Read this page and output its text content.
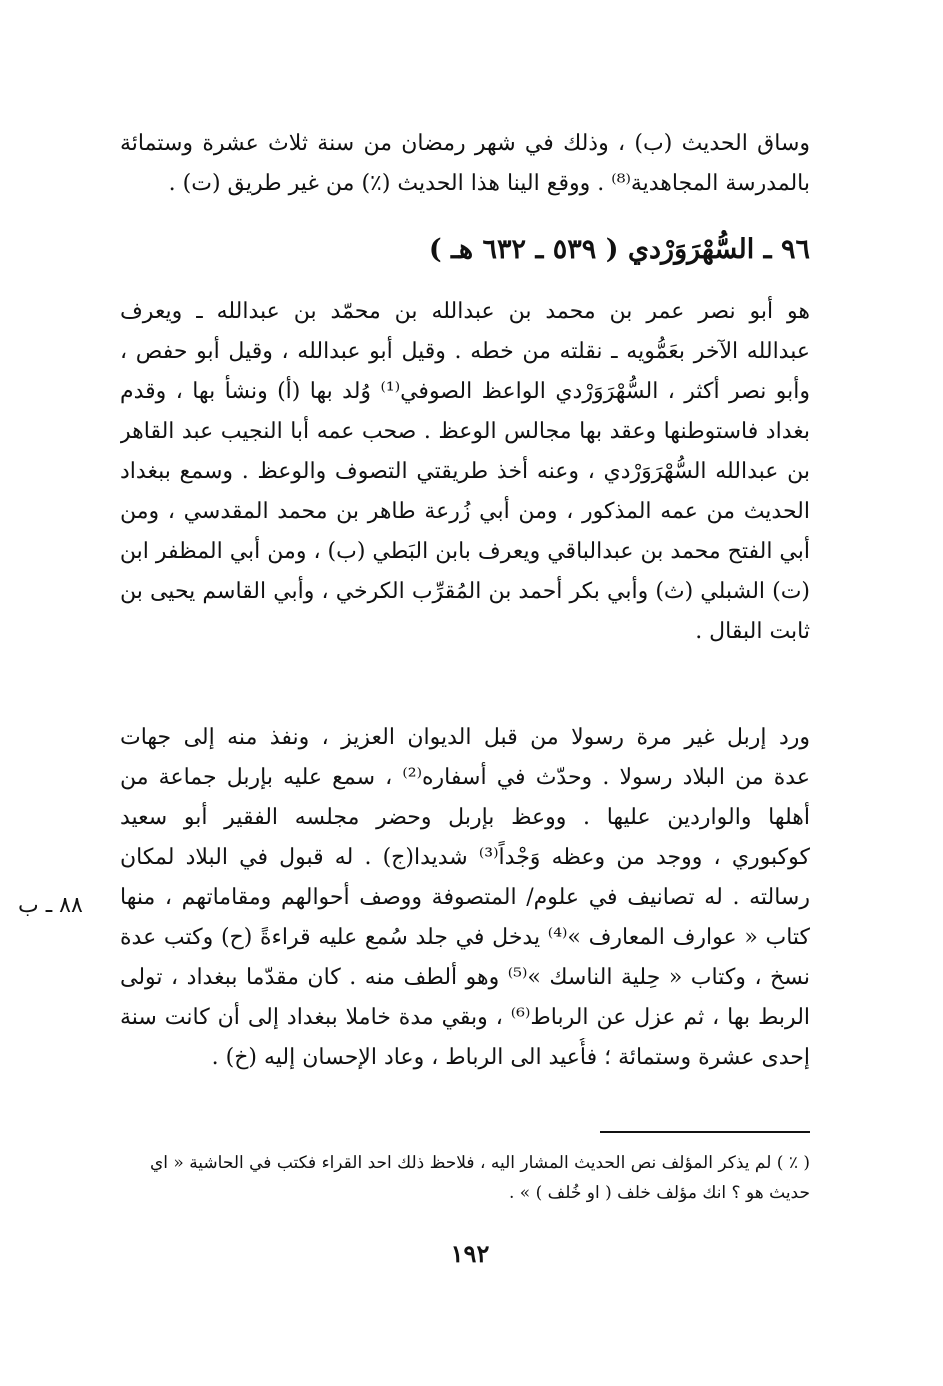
وساق الحديث (ب) ، وذلك في شهر رمضان من سنة ثلاث عشرة وستمائة
بالمدرسة المجاهدية⁽⁸⁾ . ووقع الينا هذا الحديث (٪) من غير طريق (ت) .
٩٦ ـ السُّهْرَوَرْدي ( ٥٣٩ ـ ٦٣٢ هـ )
هو أبو نصر عمر بن محمد بن عبدالله بن محمّد بن عبدالله ـ ويعرف
عبدالله الآخر بعَمُّويه ـ نقلته من خطه . وقيل أبو عبدالله ، وقيل أبو حفص ،
وأبو نصر أكثر ، السُّهْرَوَرْدي الواعظ الصوفي⁽¹⁾ وُلد بها (أ) ونشأ بها ، وقدم
بغداد فاستوطنها وعقد بها مجالس الوعظ . صحب عمه أبا النجيب عبد القاهر
بن عبدالله السُّهْرَوَرْدي ، وعنه أخذ طريقتي التصوف والوعظ . وسمع ببغداد
الحديث من عمه المذكور ، ومن أبي زُرعة طاهر بن محمد المقدسي ، ومن
أبي الفتح محمد بن عبدالباقي ويعرف بابن البَطي (ب) ، ومن أبي المظفر ابن
(ت) الشبلي (ث) وأبي بكر أحمد بن المُقرِّب الكرخي ، وأبي القاسم يحيى بن
ثابت البقال .
ورد إربل غير مرة رسولا من قبل الديوان العزيز ، ونفذ منه إلى جهات
عدة من البلاد رسولا . وحدّث في أسفاره⁽²⁾ ، سمع عليه بإربل جماعة من
أهلها والواردين عليها . ووعظ بإربل وحضر مجلسه الفقير أبو سعيد
كوكبوري ، ووجد من وعظه وَجْداً⁽³⁾ شديدا(ج) . له قبول في البلاد لمكان
رسالته . له تصانيف في علوم/ المتصوفة ووصف أحوالهم ومقاماتهم ، منها
كتاب « عوارف المعارف »⁽⁴⁾ يدخل في جلد سُمع عليه قراءةً (ح) وكتب عدة
نسخ ، وكتاب « حِلية الناسك »⁽⁵⁾ وهو ألطف منه . كان مقدّما ببغداد ، تولى
الربط بها ، ثم عزل عن الرباط⁽⁶⁾ ، وبقي مدة خاملا ببغداد إلى أن كانت سنة
إحدى عشرة وستمائة ؛ فأُعيد الى الرباط ، وعاد الإحسان إليه (خ) .
٨٨ ـ ب
( ٪ ) لم يذكر المؤلف نص الحديث المشار اليه ، فلاحظ ذلك احد القراء فكتب في الحاشية « اي
حديث هو ؟ انك مؤلف خلف ( او خُلف ) » .
١٩٢
